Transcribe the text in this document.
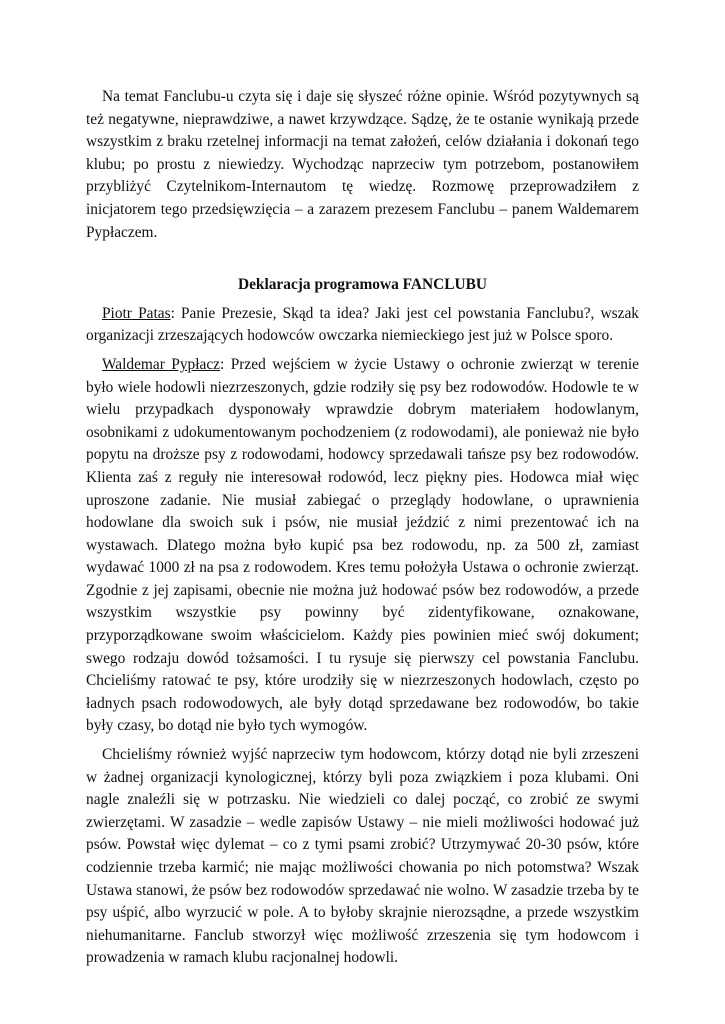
Na temat Fanclubu-u czyta się i daje się słyszeć różne opinie. Wśród pozytywnych są też negatywne, nieprawdziwe, a nawet krzywdzące. Sądzę, że te ostanie wynikają przede wszystkim z braku rzetelnej informacji na temat założeń, celów działania i dokonań tego klubu; po prostu z niewiedzy. Wychodząc naprzeciw tym potrzebom, postanowiłem przybliżyć Czytelnikom-Internautom tę wiedzę. Rozmowę przeprowadziłem z inicjatorem tego przedsięwzięcia – a zarazem prezesem Fanclubu – panem Waldemarem Pypłaczem.

Deklaracja programowa FANCLUBU

Piotr Patas: Panie Prezesie, Skąd ta idea? Jaki jest cel powstania Fanclubu?, wszak organizacji zrzeszających hodowców owczarka niemieckiego jest już w Polsce sporo.

Waldemar Pypłacz: Przed wejściem w życie Ustawy o ochronie zwierząt w terenie było wiele hodowli niezrzeszonych, gdzie rodziły się psy bez rodowodów. Hodowle te w wielu przypadkach dysponowały wprawdzie dobrym materiałem hodowlanym, osobnikami z udokumentowanym pochodzeniem (z rodowodami), ale ponieważ nie było popytu na droższe psy z rodowodami, hodowcy sprzedawali tańsze psy bez rodowodów. Klienta zaś z reguły nie interesował rodowód, lecz piękny pies. Hodowca miał więc uproszone zadanie. Nie musiał zabiegać o przeglądy hodowlane, o uprawnienia hodowlane dla swoich suk i psów, nie musiał jeździć z nimi prezentować ich na wystawach. Dlatego można było kupić psa bez rodowodu, np. za 500 zł, zamiast wydawać 1000 zł na psa z rodowodem. Kres temu położyła Ustawa o ochronie zwierząt. Zgodnie z jej zapisami, obecnie nie można już hodować psów bez rodowodów, a przede wszystkim wszystkie psy powinny być zidentyfikowane, oznakowane, przyporządkowane swoim właścicielom. Każdy pies powinien mieć swój dokument; swego rodzaju dowód tożsamości. I tu rysuje się pierwszy cel powstania Fanclubu. Chcieliśmy ratować te psy, które urodziły się w niezrzeszonych hodowlach, często po ładnych psach rodowodowych, ale były dotąd sprzedawane bez rodowodów, bo takie były czasy, bo dotąd nie było tych wymogów.

Chcieliśmy również wyjść naprzeciw tym hodowcom, którzy dotąd nie byli zrzeszeni w żadnej organizacji kynologicznej, którzy byli poza związkiem i poza klubami. Oni nagle znaleźli się w potrzasku. Nie wiedzieli co dalej począć, co zrobić ze swymi zwierzętami. W zasadzie – wedle zapisów Ustawy – nie mieli możliwości hodować już psów. Powstał więc dylemat – co z tymi psami zrobić? Utrzymywać 20-30 psów, które codziennie trzeba karmić; nie mając możliwości chowania po nich potomstwa? Wszak Ustawa stanowi, że psów bez rodowodów sprzedawać nie wolno. W zasadzie trzeba by te psy uśpić, albo wyrzucić w pole. A to byłoby skrajnie nierozsądne, a przede wszystkim niehumanitarne. Fanclub stworzył więc możliwość zrzeszenia się tym hodowcom i prowadzenia w ramach klubu racjonalnej hodowli.
